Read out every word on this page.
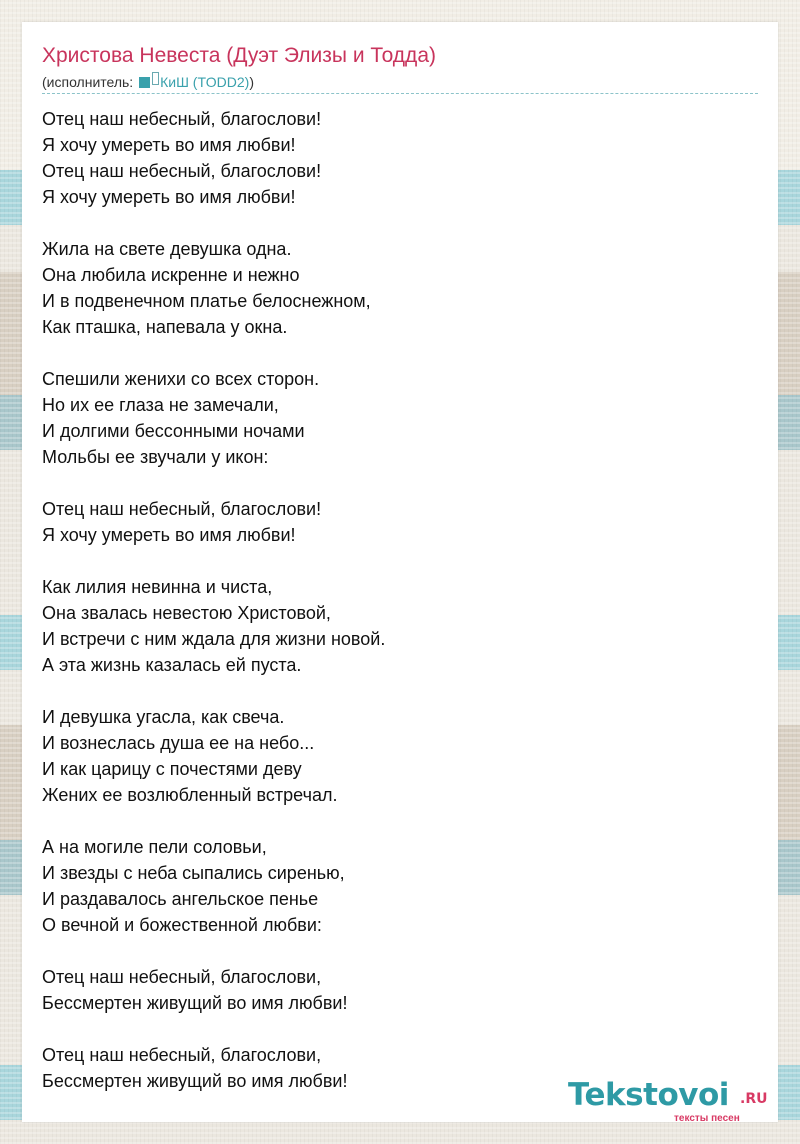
Христова Невеста (Дуэт Элизы и Тодда)
(исполнитель: КиШ (TODD2))
Отец наш небесный, благослови!
Я хочу умереть во имя любви!
Отец наш небесный, благослови!
Я хочу умереть во имя любви!
Жила на свете девушка одна.
Она любила искренне и нежно
И в подвенечном платье белоснежном,
Как пташка, напевала у окна.
Спешили женихи со всех сторон.
Но их ее глаза не замечали,
И долгими бессонными ночами
Мольбы ее звучали у икон:
Отец наш небесный, благослови!
Я хочу умереть во имя любви!
Как лилия невинна и чиста,
Она звалась невестою Христовой,
И встречи с ним ждала для жизни новой.
А эта жизнь казалась ей пуста.
И девушка угасла, как свеча.
И вознеслась душа ее на небо...
И как царицу с почестями деву
Жених ее возлюбленный встречал.
А на могиле пели соловьи,
И звезды с неба сыпались сиренью,
И раздавалось ангельское пенье
О вечной и божественной любви:
Отец наш небесный, благослови,
Бессмертен живущий во имя любви!
Отец наш небесный, благослови,
Бессмертен живущий во имя любви!	Tekstovoi .RU
тексты песен
